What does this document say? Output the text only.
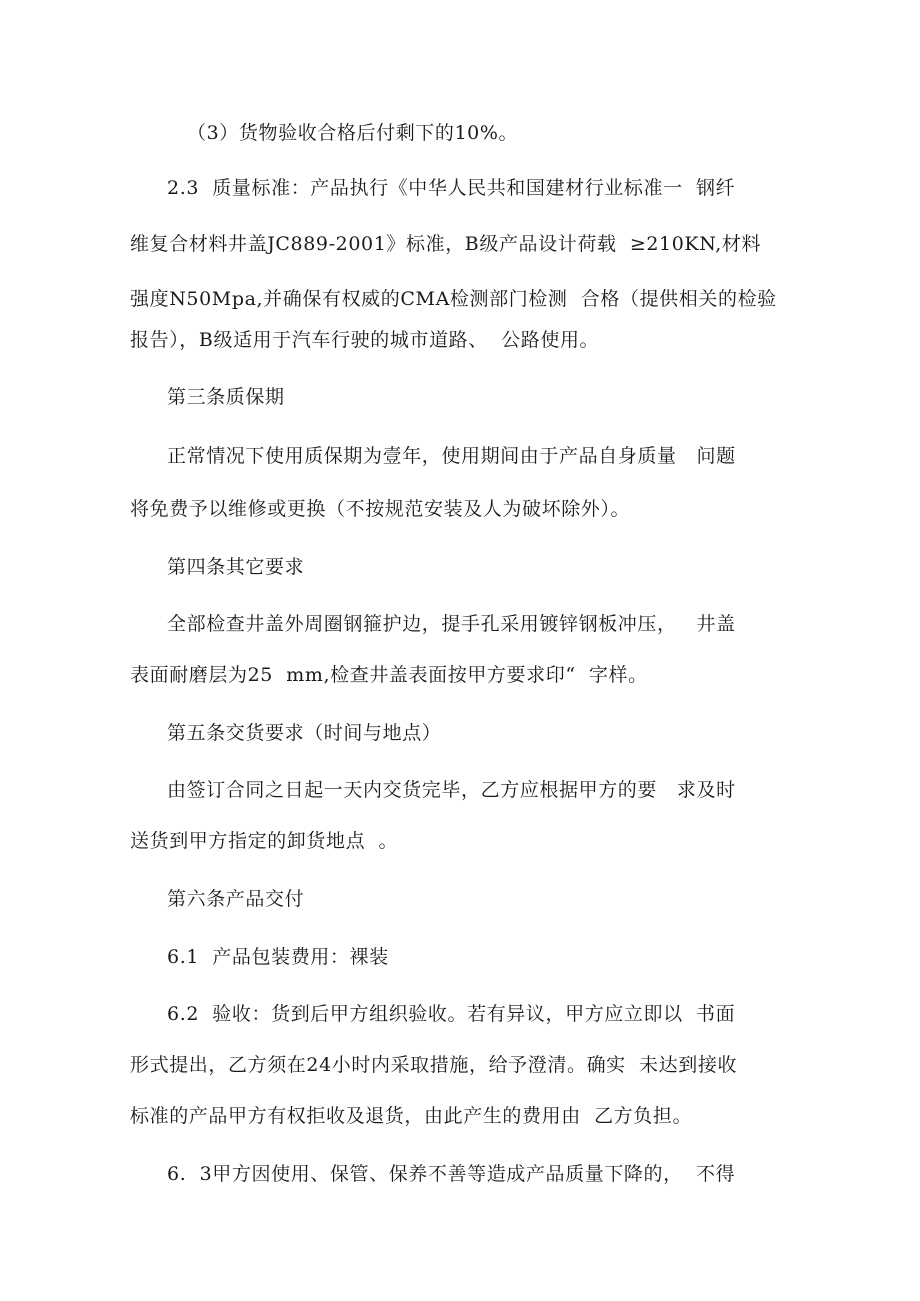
（3）货物验收合格后付剩下的10%。
2.3  质量标准：产品执行《中华人民共和国建材行业标准一  钢纤
维复合材料井盖JC889-2001》标准，B级产品设计荷载  ≥210KN,材料
强度N50Mpa,并确保有权威的CMA检测部门检测  合格（提供相关的检验
报告），B级适用于汽车行驶的城市道路、  公路使用。
第三条质保期
正常情况下使用质保期为壹年，使用期间由于产品自身质量   问题
将免费予以维修或更换（不按规范安装及人为破坏除外）。
第四条其它要求
全部检查井盖外周圈钢箍护边，提手孔采用镀锌钢板冲压，   井盖
表面耐磨层为25  mm,检查井盖表面按甲方要求印“  字样。
第五条交货要求（时间与地点）
由签订合同之日起一天内交货完毕，乙方应根据甲方的要   求及时
送货到甲方指定的卸货地点  。
第六条产品交付
6.1  产品包装费用：裸装
6.2  验收：货到后甲方组织验收。若有异议，甲方应立即以  书面
形式提出，乙方须在24小时内采取措施，给予澄清。确实  未达到接收
标准的产品甲方有权拒收及退货，由此产生的费用由  乙方负担。
6.  3甲方因使用、保管、保养不善等造成产品质量下降的，  不得
